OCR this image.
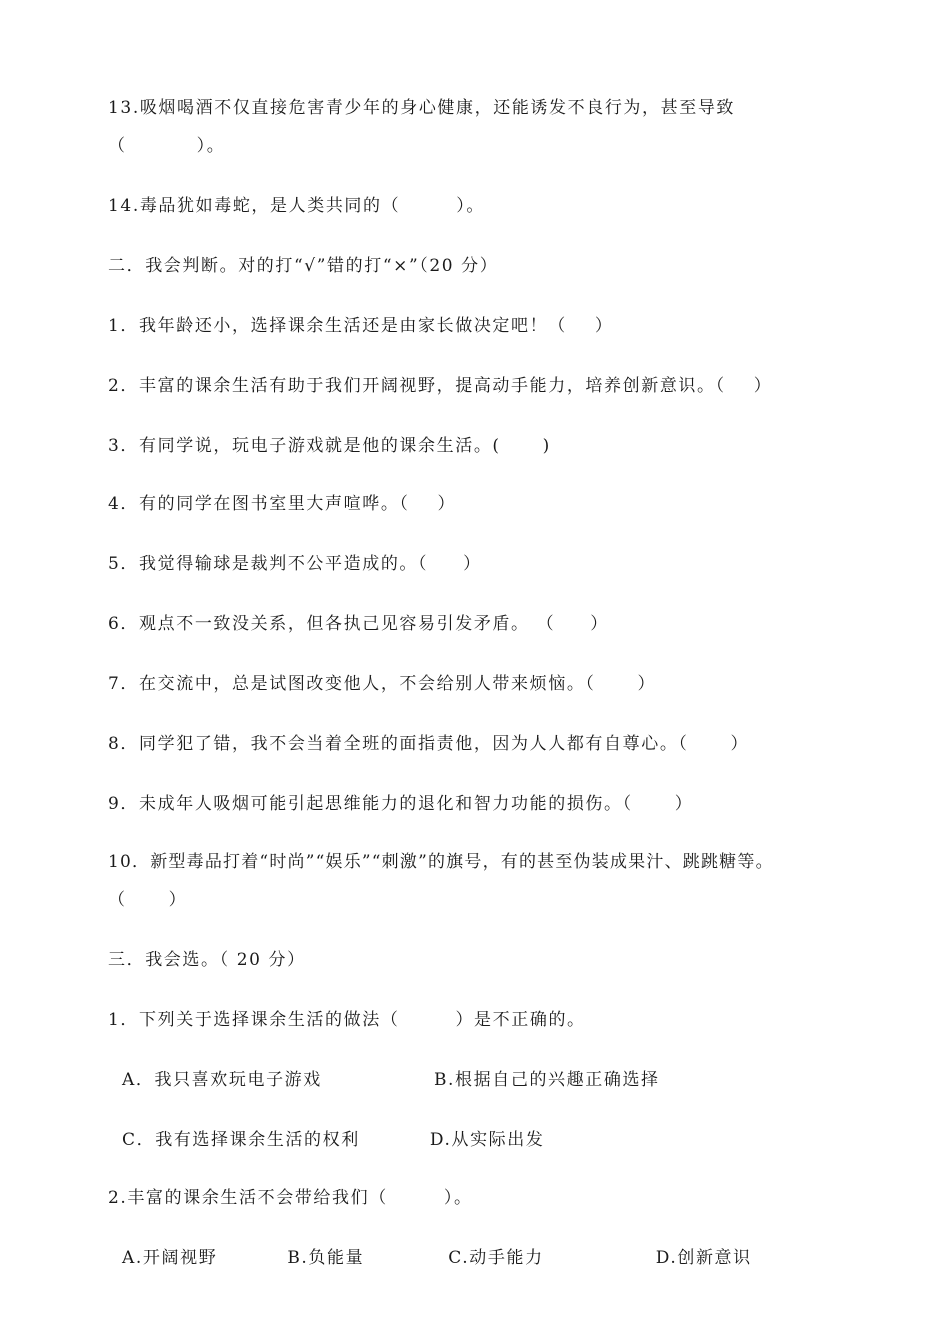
13.吸烟喝酒不仅直接危害青少年的身心健康，还能诱发不良行为，甚至导致
（          ）。
14.毒品犹如毒蛇，是人类共同的（        ）。
二．我会判断。对的打“√”错的打“×”（20 分）
1．我年龄还小，选择课余生活还是由家长做决定吧！（    ）
2．丰富的课余生活有助于我们开阔视野，提高动手能力，培养创新意识。（    ）
3．有同学说，玩电子游戏就是他的课余生活。(      )
4．有的同学在图书室里大声喧哗。（    ）
5．我觉得输球是裁判不公平造成的。（     ）
6．观点不一致没关系，但各执己见容易引发矛盾。 （     ）
7．在交流中，总是试图改变他人，不会给别人带来烦恼。（      ）
8．同学犯了错，我不会当着全班的面指责他，因为人人都有自尊心。（      ）
9．未成年人吸烟可能引起思维能力的退化和智力功能的损伤。（      ）
10．新型毒品打着“时尚”“娱乐”“刺激”的旗号，有的甚至伪装成果汁、跳跳糖等。
（      ）
三．我会选。（ 20 分）
1．下列关于选择课余生活的做法（        ）是不正确的。
A．我只喜欢玩电子游戏                B.根据自己的兴趣正确选择
C．我有选择课余生活的权利          D.从实际出发
2.丰富的课余生活不会带给我们（        ）。
A.开阔视野          B.负能量            C.动手能力                D.创新意识
